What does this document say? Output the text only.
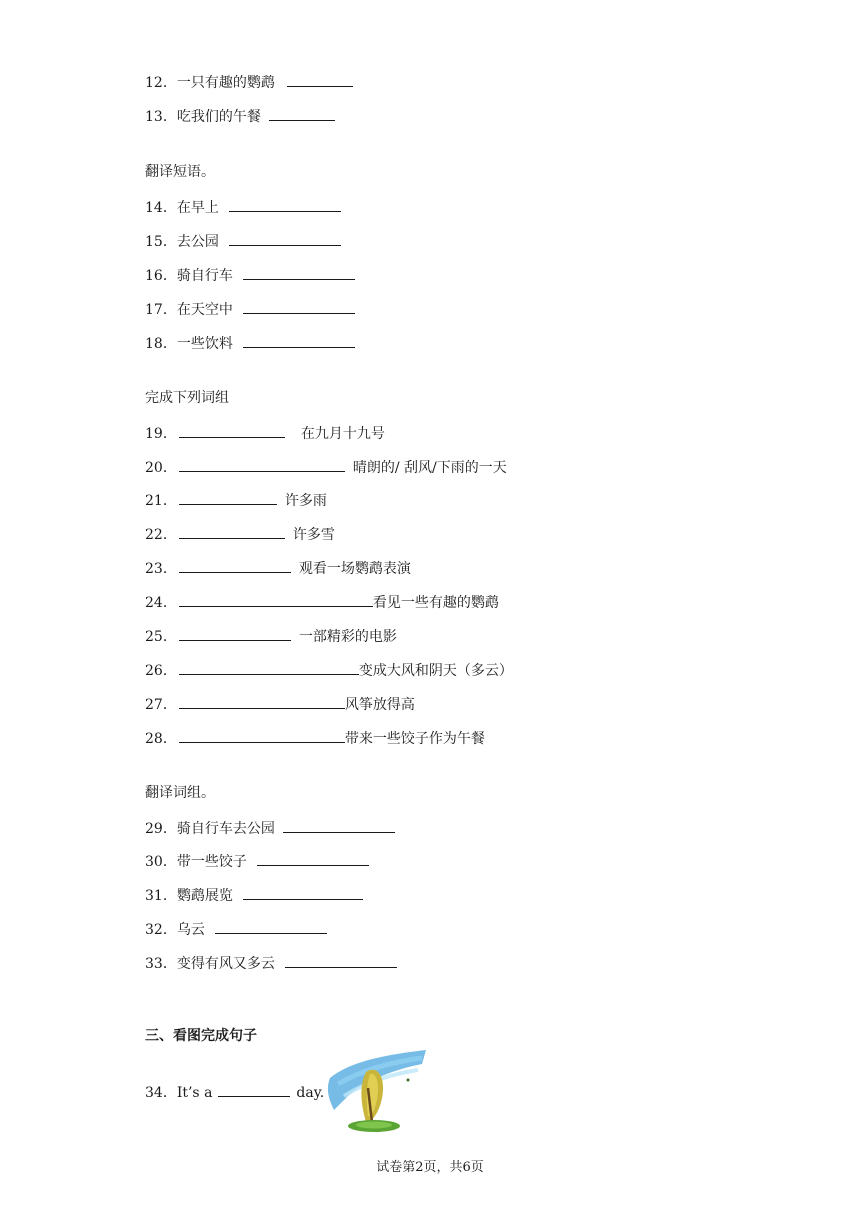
12．一只有趣的鹦鹉
13．吃我们的午餐
翻译短语。
14．在早上
15．去公园
16．骑自行车
17．在天空中
18．一些饮料
完成下列词组
19．	在九月十九号
20．	晴朗的/ 刮风/下雨的一天
21．	许多雨
22．	许多雪
23．	观看一场鹦鹉表演
24．	看见一些有趣的鹦鹉
25．	一部精彩的电影
26．	变成大风和阴天（多云）
27．	风筝放得高
28．	带来一些饺子作为午餐
翻译词组。
29．骑自行车去公园
30．带一些饺子
31．鹦鹉展览
32．乌云
33．变得有风又多云
三、看图完成句子
34．It’s a	day.
试卷第2页，共6页
